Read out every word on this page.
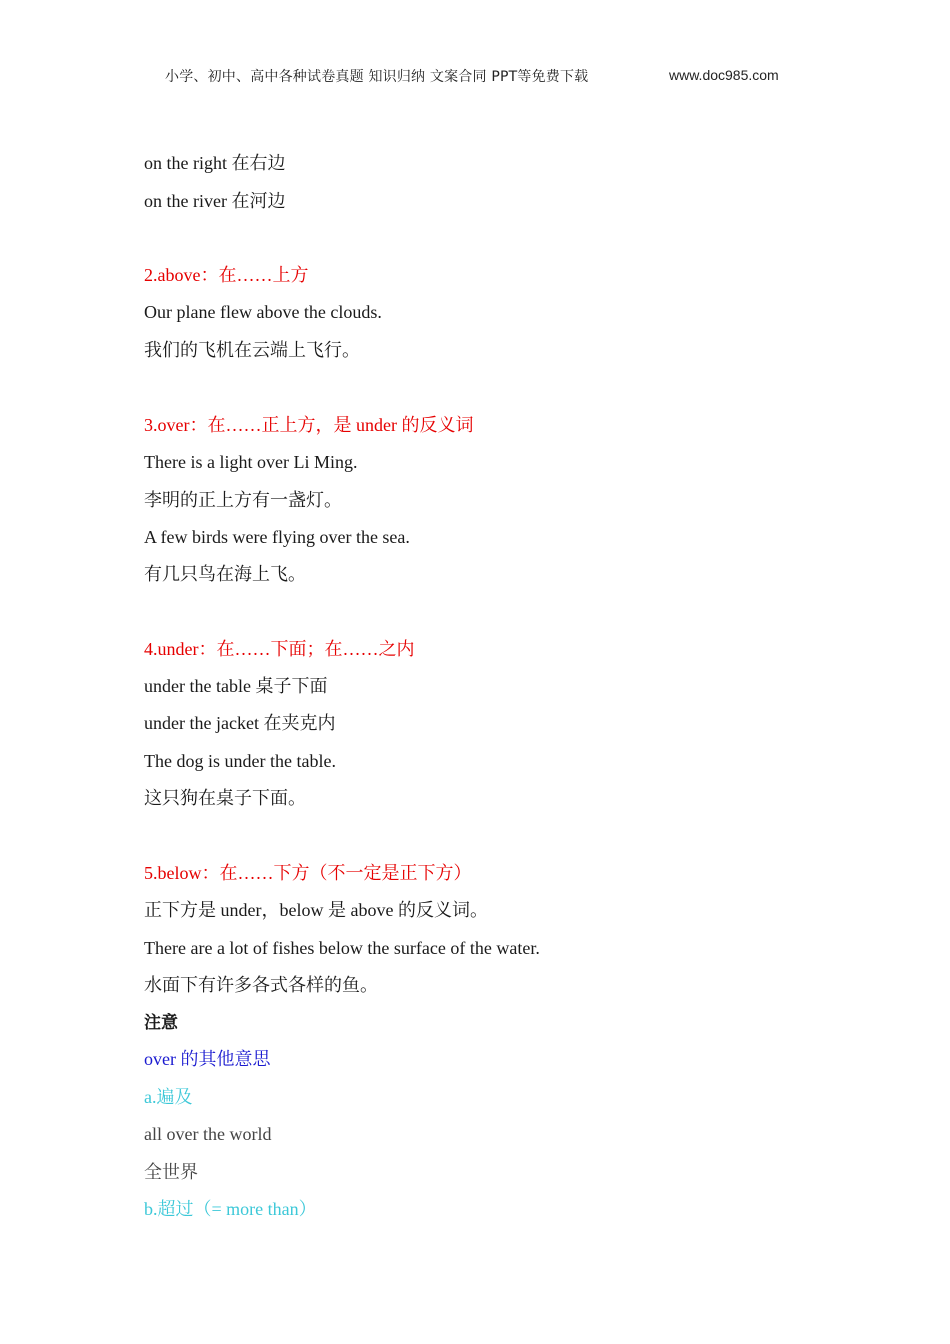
小学、初中、高中各种试卷真题 知识归纳 文案合同 PPT等免费下载	www.doc985.com
on the right 在右边
on the river 在河边
2.above：在……上方
Our plane flew above the clouds.
我们的飞机在云端上飞行。
3.over：在……正上方，是 under 的反义词
There is a light over Li Ming.
李明的正上方有一盏灯。
A few birds were flying over the sea.
有几只鸟在海上飞。
4.under：在……下面；在……之内
under the table 桌子下面
under the jacket 在夹克内
The dog is under the table.
这只狗在桌子下面。
5.below：在……下方（不一定是正下方）
正下方是 under，below 是 above 的反义词。
There are a lot of fishes below the surface of the water.
水面下有许多各式各样的鱼。
注意
over 的其他意思
a.遍及
all over the world
全世界
b.超过（= more than）
